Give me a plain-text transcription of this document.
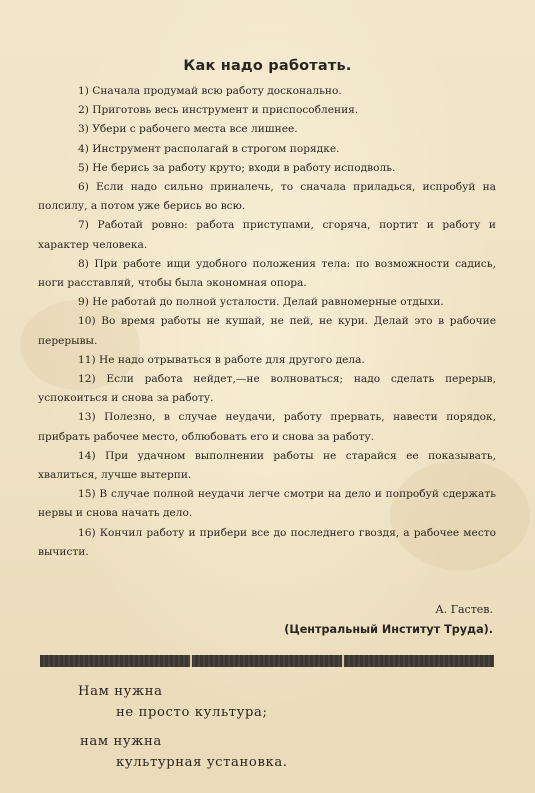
Как надо работать.
1) Сначала продумай всю работу досконально.
2) Приготовь весь инструмент и приспособления.
3) Убери с рабочего места все лишнее.
4) Инструмент располагай в строгом порядке.
5) Не берись за работу круто; входи в работу исподволь.
6) Если надо сильно приналечь, то сначала приладься, испробуй на полсилу, а потом уже берись во всю.
7) Работай ровно: работа приступами, сгоряча, портит и работу и характер человека.
8) При работе ищи удобного положения тела: по возможности садись, ноги расставляй, чтобы была экономная опора.
9) Не работай до полной усталости. Делай равномерные отдыхи.
10) Во время работы не кушай, не пей, не кури. Делай это в рабочие перерывы.
11) Не надо отрываться в работе для другого дела.
12) Если работа нейдет,—не волноваться; надо сделать перерыв, успокоиться и снова за работу.
13) Полезно, в случае неудачи, работу прервать, навести порядок, прибрать рабочее место, облюбовать его и снова за работу.
14) При удачном выполнении работы не старайся ее показывать, хвалиться, лучше вытерпи.
15) В случае полной неудачи легче смотри на дело и попробуй сдержать нервы и снова начать дело.
16) Кончил работу и прибери все до последнего гвоздя, а рабочее место вычисти.
А. Гастев.
(Центральный Институт Труда).
Нам нужна
не просто культура;
нам нужна
культурная установка.
